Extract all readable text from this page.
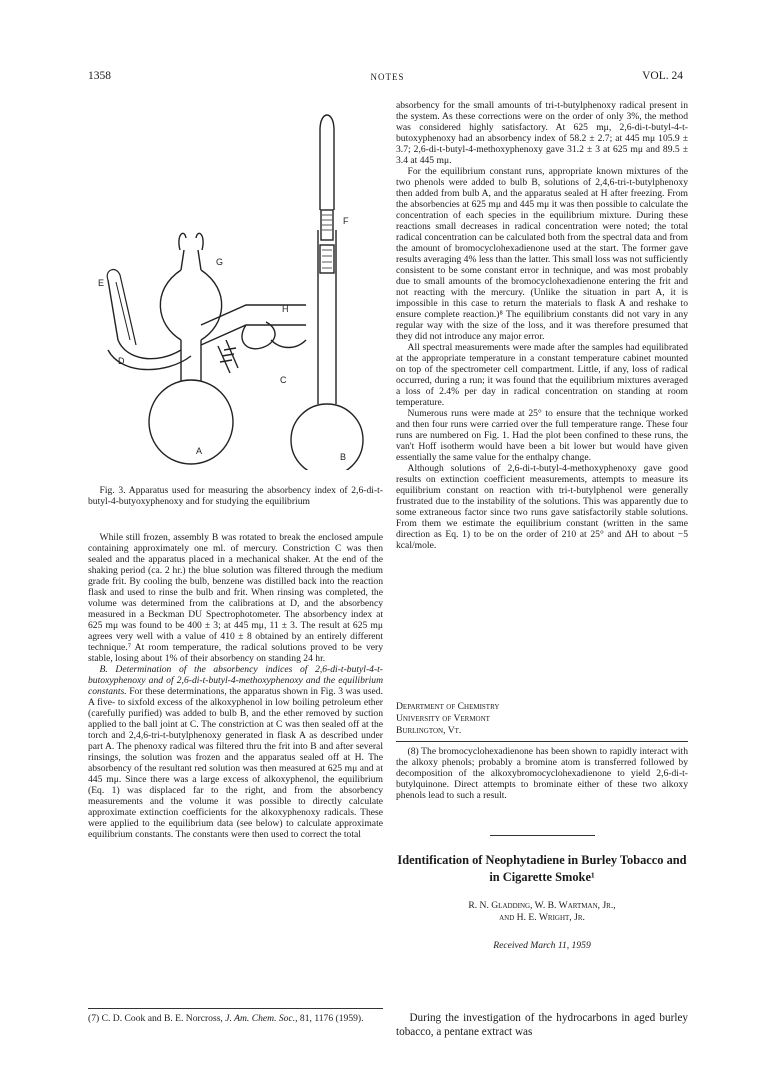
1358	NOTES	VOL. 24
A
B
C
D
E
F
G
H
Fig. 3. Apparatus used for measuring the absorbency index of 2,6-di-t-butyl-4-butyoxyphenoxy and for studying the equilibrium

While still frozen, assembly B was rotated to break the enclosed ampule containing approximately one ml. of mercury. Constriction C was then sealed and the apparatus placed in a mechanical shaker. At the end of the shaking period (ca. 2 hr.) the blue solution was filtered through the medium grade frit. By cooling the bulb, benzene was distilled back into the reaction flask and used to rinse the bulb and frit. When rinsing was completed, the volume was determined from the calibrations at D, and the absorbency measured in a Beckman DU Spectrophotometer. The absorbency index at 625 mμ was found to be 400 ± 3; at 445 mμ, 11 ± 3. The result at 625 mμ agrees very well with a value of 410 ± 8 obtained by an entirely different technique.⁷ At room temperature, the radical solutions proved to be very stable, losing about 1% of their absorbency on standing 24 hr.

B. Determination of the absorbency indices of 2,6-di-t-butyl-4-t-butoxyphenoxy and of 2,6-di-t-butyl-4-methoxyphenoxy and the equilibrium constants. For these determinations, the apparatus shown in Fig. 3 was used. A five- to sixfold excess of the alkoxyphenol in low boiling petroleum ether (carefully purified) was added to bulb B, and the ether removed by suction applied to the ball joint at C. The constriction at C was then sealed off at the torch and 2,4,6-tri-t-butylphenoxy generated in flask A as described under part A. The phenoxy radical was filtered thru the frit into B and after several rinsings, the solution was frozen and the apparatus sealed off at H. The absorbency of the resultant red solution was then measured at 625 mμ and at 445 mμ. Since there was a large excess of alkoxyphenol, the equilibrium (Eq. 1) was displaced far to the right, and from the absorbency measurements and the volume it was possible to directly calculate approximate extinction coefficients for the alkoxyphenoxy radicals. These were applied to the equilibrium data (see below) to calculate approximate equilibrium constants. The constants were then used to correct the total

(7) C. D. Cook and B. E. Norcross, J. Am. Chem. Soc., 81, 1176 (1959).

absorbency for the small amounts of tri-t-butylphenoxy radical present in the system. As these corrections were on the order of only 3%, the method was considered highly satisfactory. At 625 mμ, 2,6-di-t-butyl-4-t-butoxyphenoxy had an absorbency index of 58.2 ± 2.7; at 445 mμ 105.9 ± 3.7; 2,6-di-t-butyl-4-methoxyphenoxy gave 31.2 ± 3 at 625 mμ and 89.5 ± 3.4 at 445 mμ.

For the equilibrium constant runs, appropriate known mixtures of the two phenols were added to bulb B, solutions of 2,4,6-tri-t-butylphenoxy then added from bulb A, and the apparatus sealed at H after freezing. From the absorbencies at 625 mμ and 445 mμ it was then possible to calculate the concentration of each species in the equilibrium mixture. During these reactions small decreases in radical concentration were noted; the total radical concentration can be calculated both from the spectral data and from the amount of bromocyclohexadienone used at the start. The former gave results averaging 4% less than the latter. This small loss was not sufficiently consistent to be some constant error in technique, and was most probably due to small amounts of the bromocyclohexadienone entering the frit and not reacting with the mercury. (Unlike the situation in part A, it is impossible in this case to return the materials to flask A and reshake to ensure complete reaction.)⁸ The equilibrium constants did not vary in any regular way with the size of the loss, and it was therefore presumed that they did not introduce any major error.

All spectral measurements were made after the samples had equilibrated at the appropriate temperature in a constant temperature cabinet mounted on top of the spectrometer cell compartment. Little, if any, loss of radical occurred, during a run; it was found that the equilibrium mixtures averaged a loss of 2.4% per day in radical concentration on standing at room temperature.

Numerous runs were made at 25° to ensure that the technique worked and then four runs were carried over the full temperature range. These four runs are numbered on Fig. 1. Had the plot been confined to these runs, the van't Hoff isotherm would have been a bit lower but would have given essentially the same value for the enthalpy change.

Although solutions of 2,6-di-t-butyl-4-methoxyphenoxy gave good results on extinction coefficient measurements, attempts to measure its equilibrium constant on reaction with tri-t-butylphenol were generally frustrated due to the instability of the solutions. This was apparently due to some extraneous factor since two runs gave satisfactorily stable solutions. From them we estimate the equilibrium constant (written in the same direction as Eq. 1) to be on the order of 210 at 25° and ΔH to about −5 kcal/mole.

Department of Chemistry
University of Vermont
Burlington, Vt.

(8) The bromocyclohexadienone has been shown to rapidly interact with the alkoxy phenols; probably a bromine atom is transferred followed by decomposition of the alkoxybromocyclohexadienone to yield 2,6-di-t-butylquinone. Direct attempts to brominate either of these two alkoxy phenols lead to such a result.

Identification of Neophytadiene in Burley Tobacco and in Cigarette Smoke¹
R. N. Gladding, W. B. Wartman, Jr.,
and H. E. Wright, Jr.
Received March 11, 1959
During the investigation of the hydrocarbons in aged burley tobacco, a pentane extract was
